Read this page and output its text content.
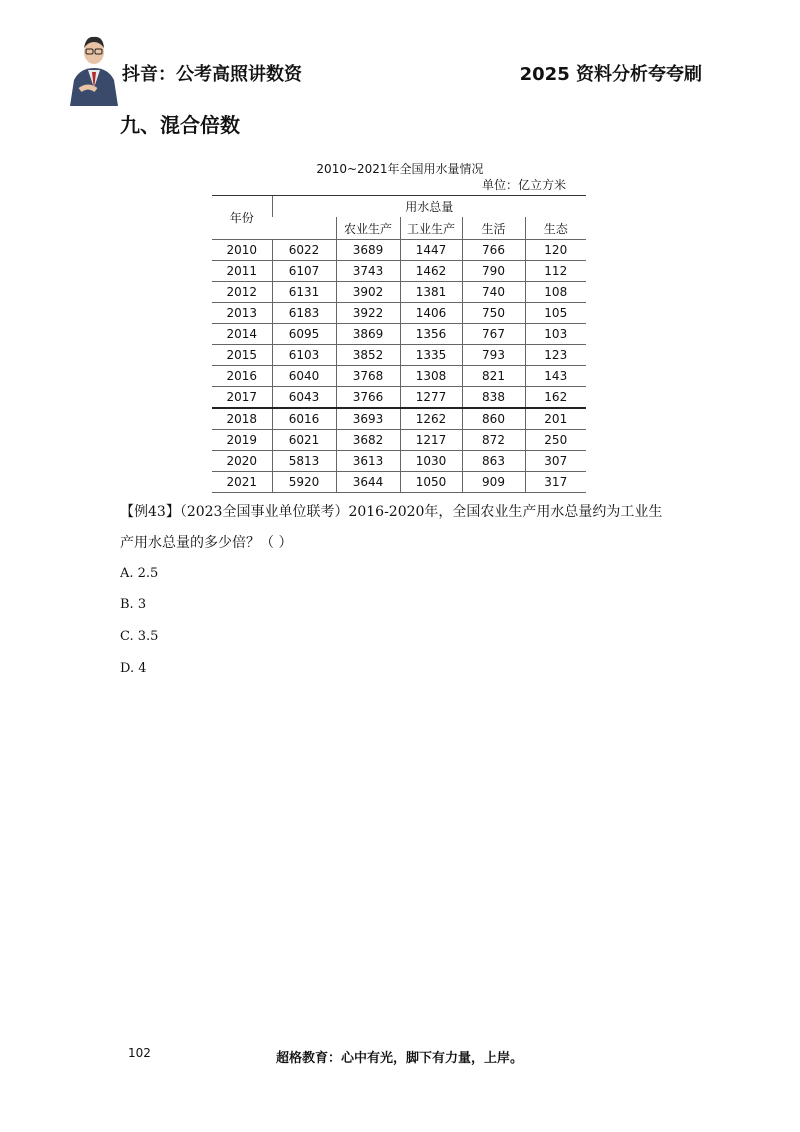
抖音：公考高照讲数资	2025 资料分析夸夸刷
九、混合倍数
2010~2021年全国用水量情况
单位：亿立方米
年份	用水总量				
		农业生产	工业生产	生活	生态
2010	6022	3689	1447	766	120
2011	6107	3743	1462	790	112
2012	6131	3902	1381	740	108
2013	6183	3922	1406	750	105
2014	6095	3869	1356	767	103
2015	6103	3852	1335	793	123
2016	6040	3768	1308	821	143
2017	6043	3766	1277	838	162
2018	6016	3693	1262	860	201
2019	6021	3682	1217	872	250
2020	5813	3613	1030	863	307
2021	5920	3644	1050	909	317
【例43】（2023全国事业单位联考）2016-2020年，全国农业生产用水总量约为工业生
产用水总量的多少倍？（ ）
A. 2.5
B. 3
C. 3.5
D. 4
102	超格教育：心中有光，脚下有力量，上岸。
